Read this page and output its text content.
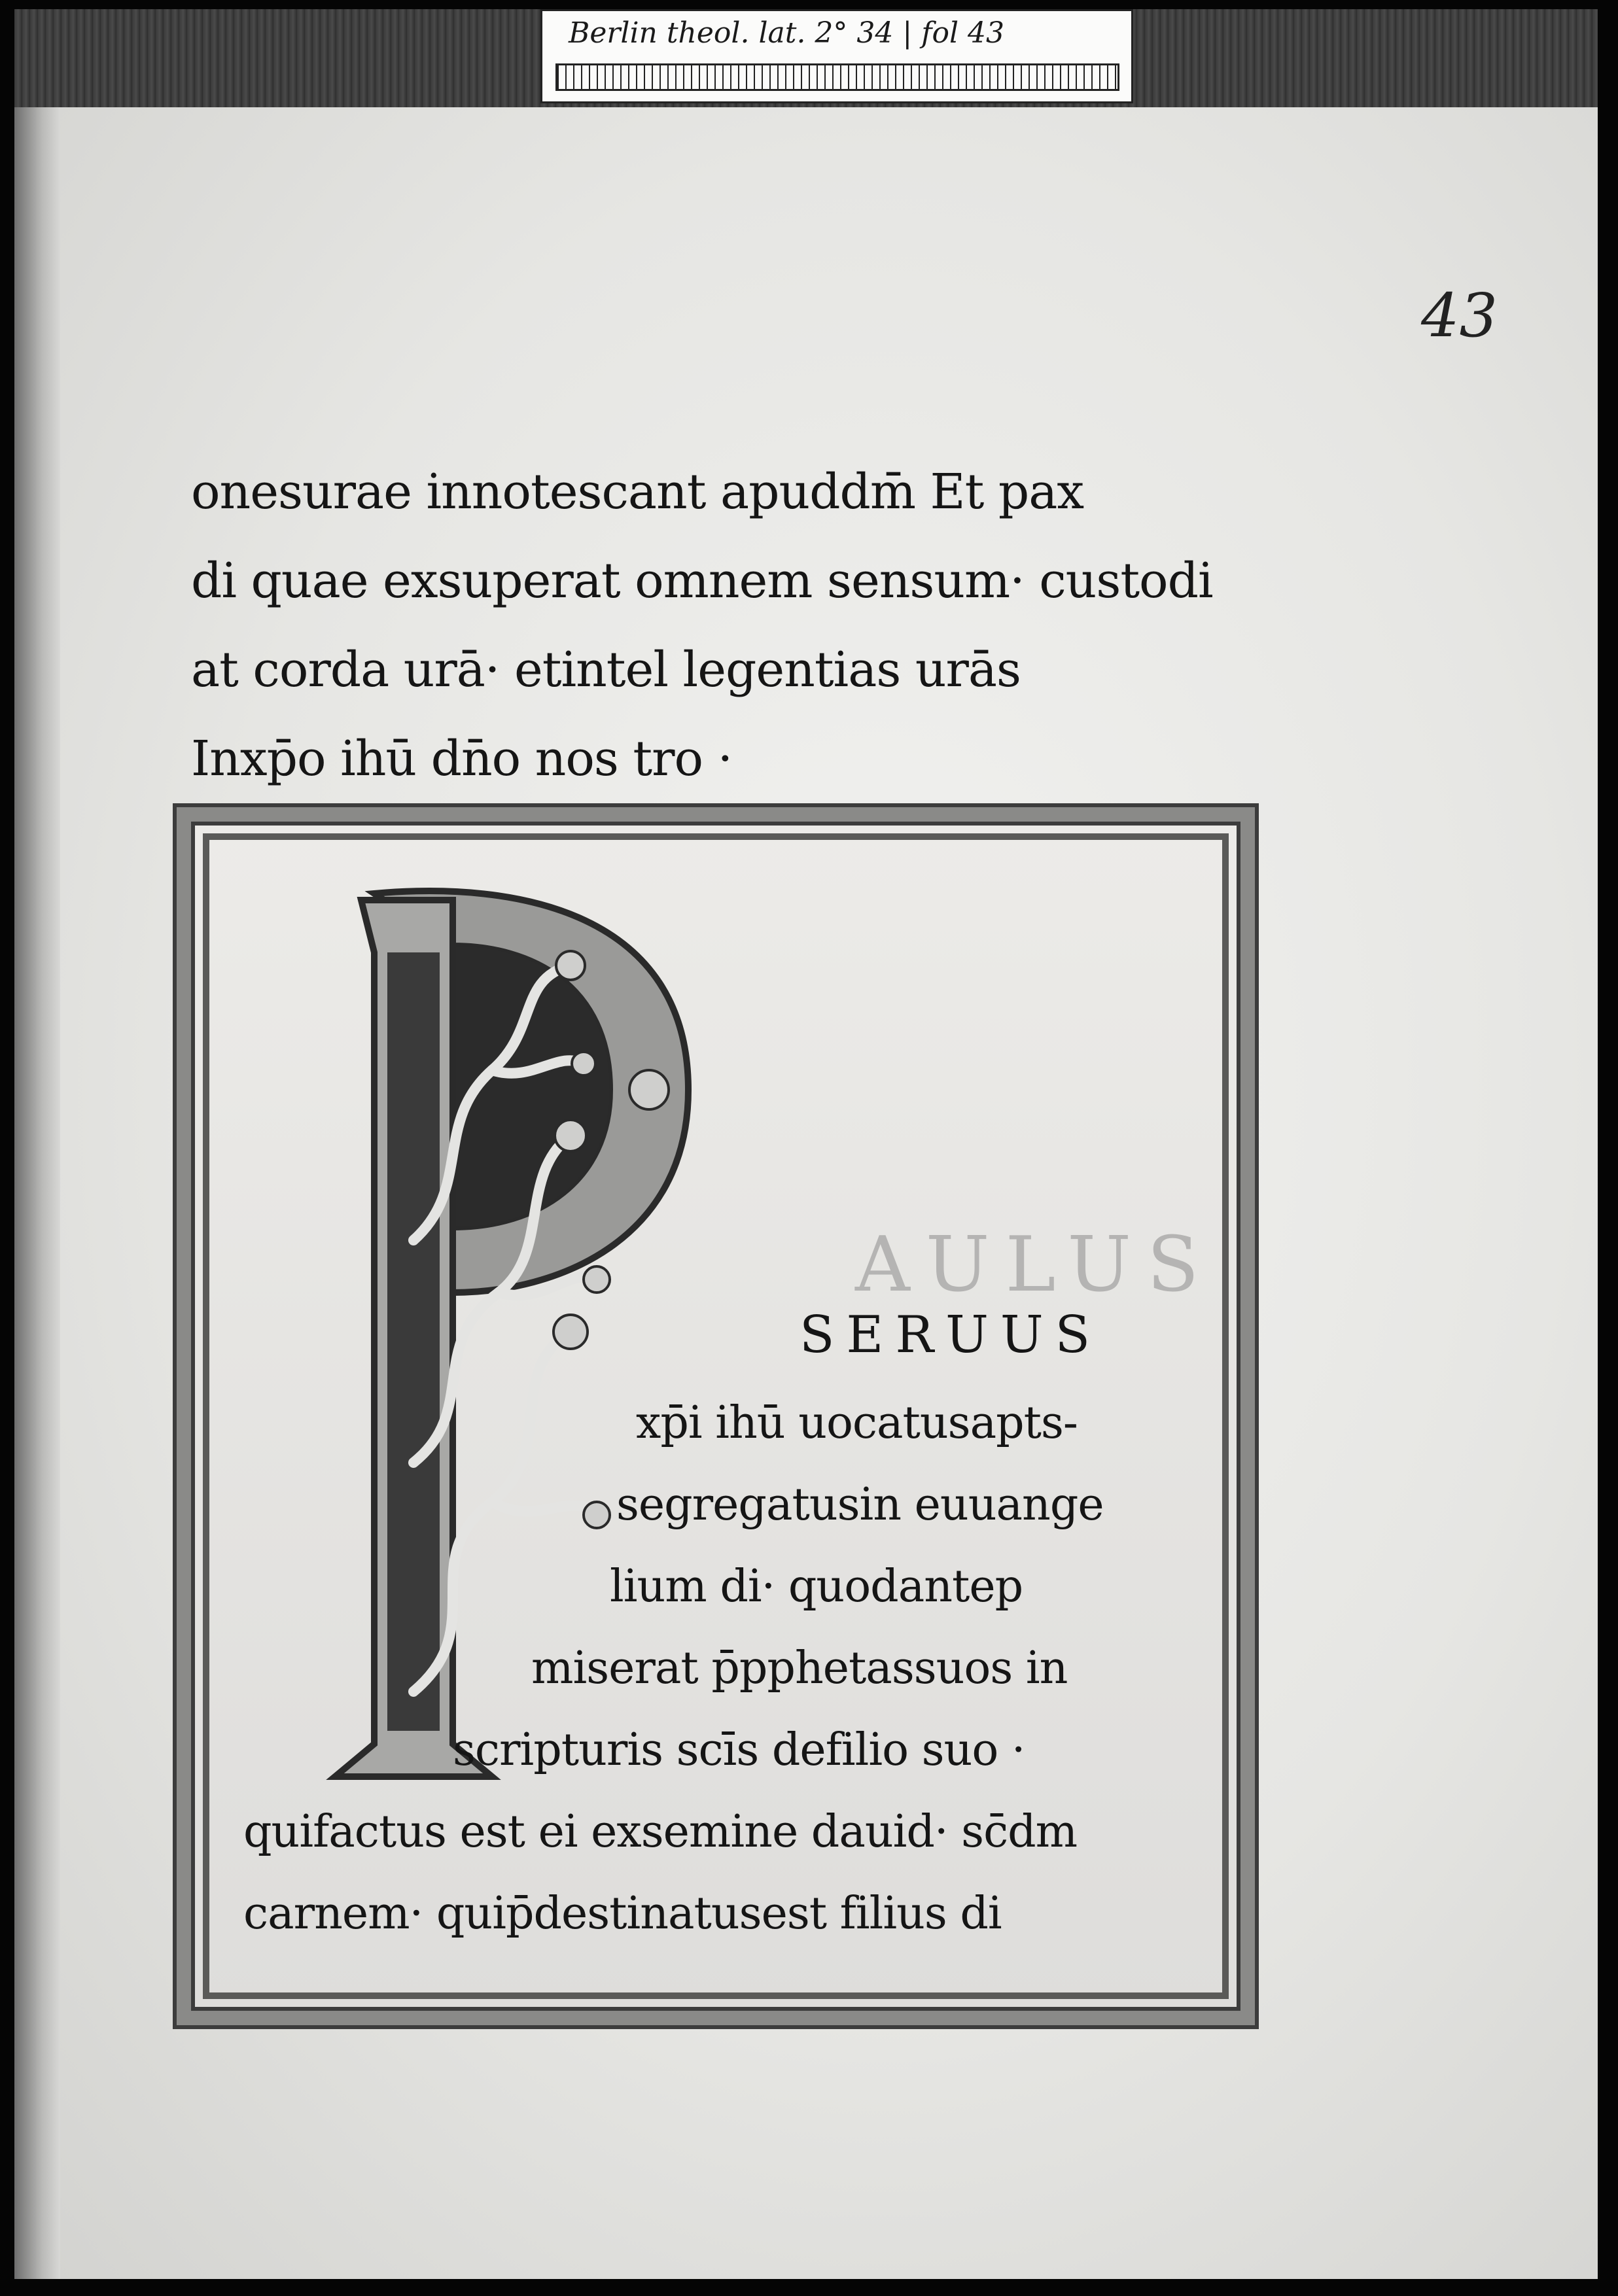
43
onesurae innotescant apuddm̄ Et pax
di quae exsuperat omnem sensum· custodi
at corda urā· etintel legentias urās
Inxp̄o ihū dn̄o nos tro ·
AULUS
SERUUS
xp̄i ihū uocatusapts-
segregatusin euuange
lium di· quodantep
miserat p̄pphetassuos in
scripturis scīs defilio suo ·
quifactus est ei exsemine dauid· sc̄dm
carnem· quip̄destinatusest filius di
Berlin theol. lat. 2° 34 | fol 43
